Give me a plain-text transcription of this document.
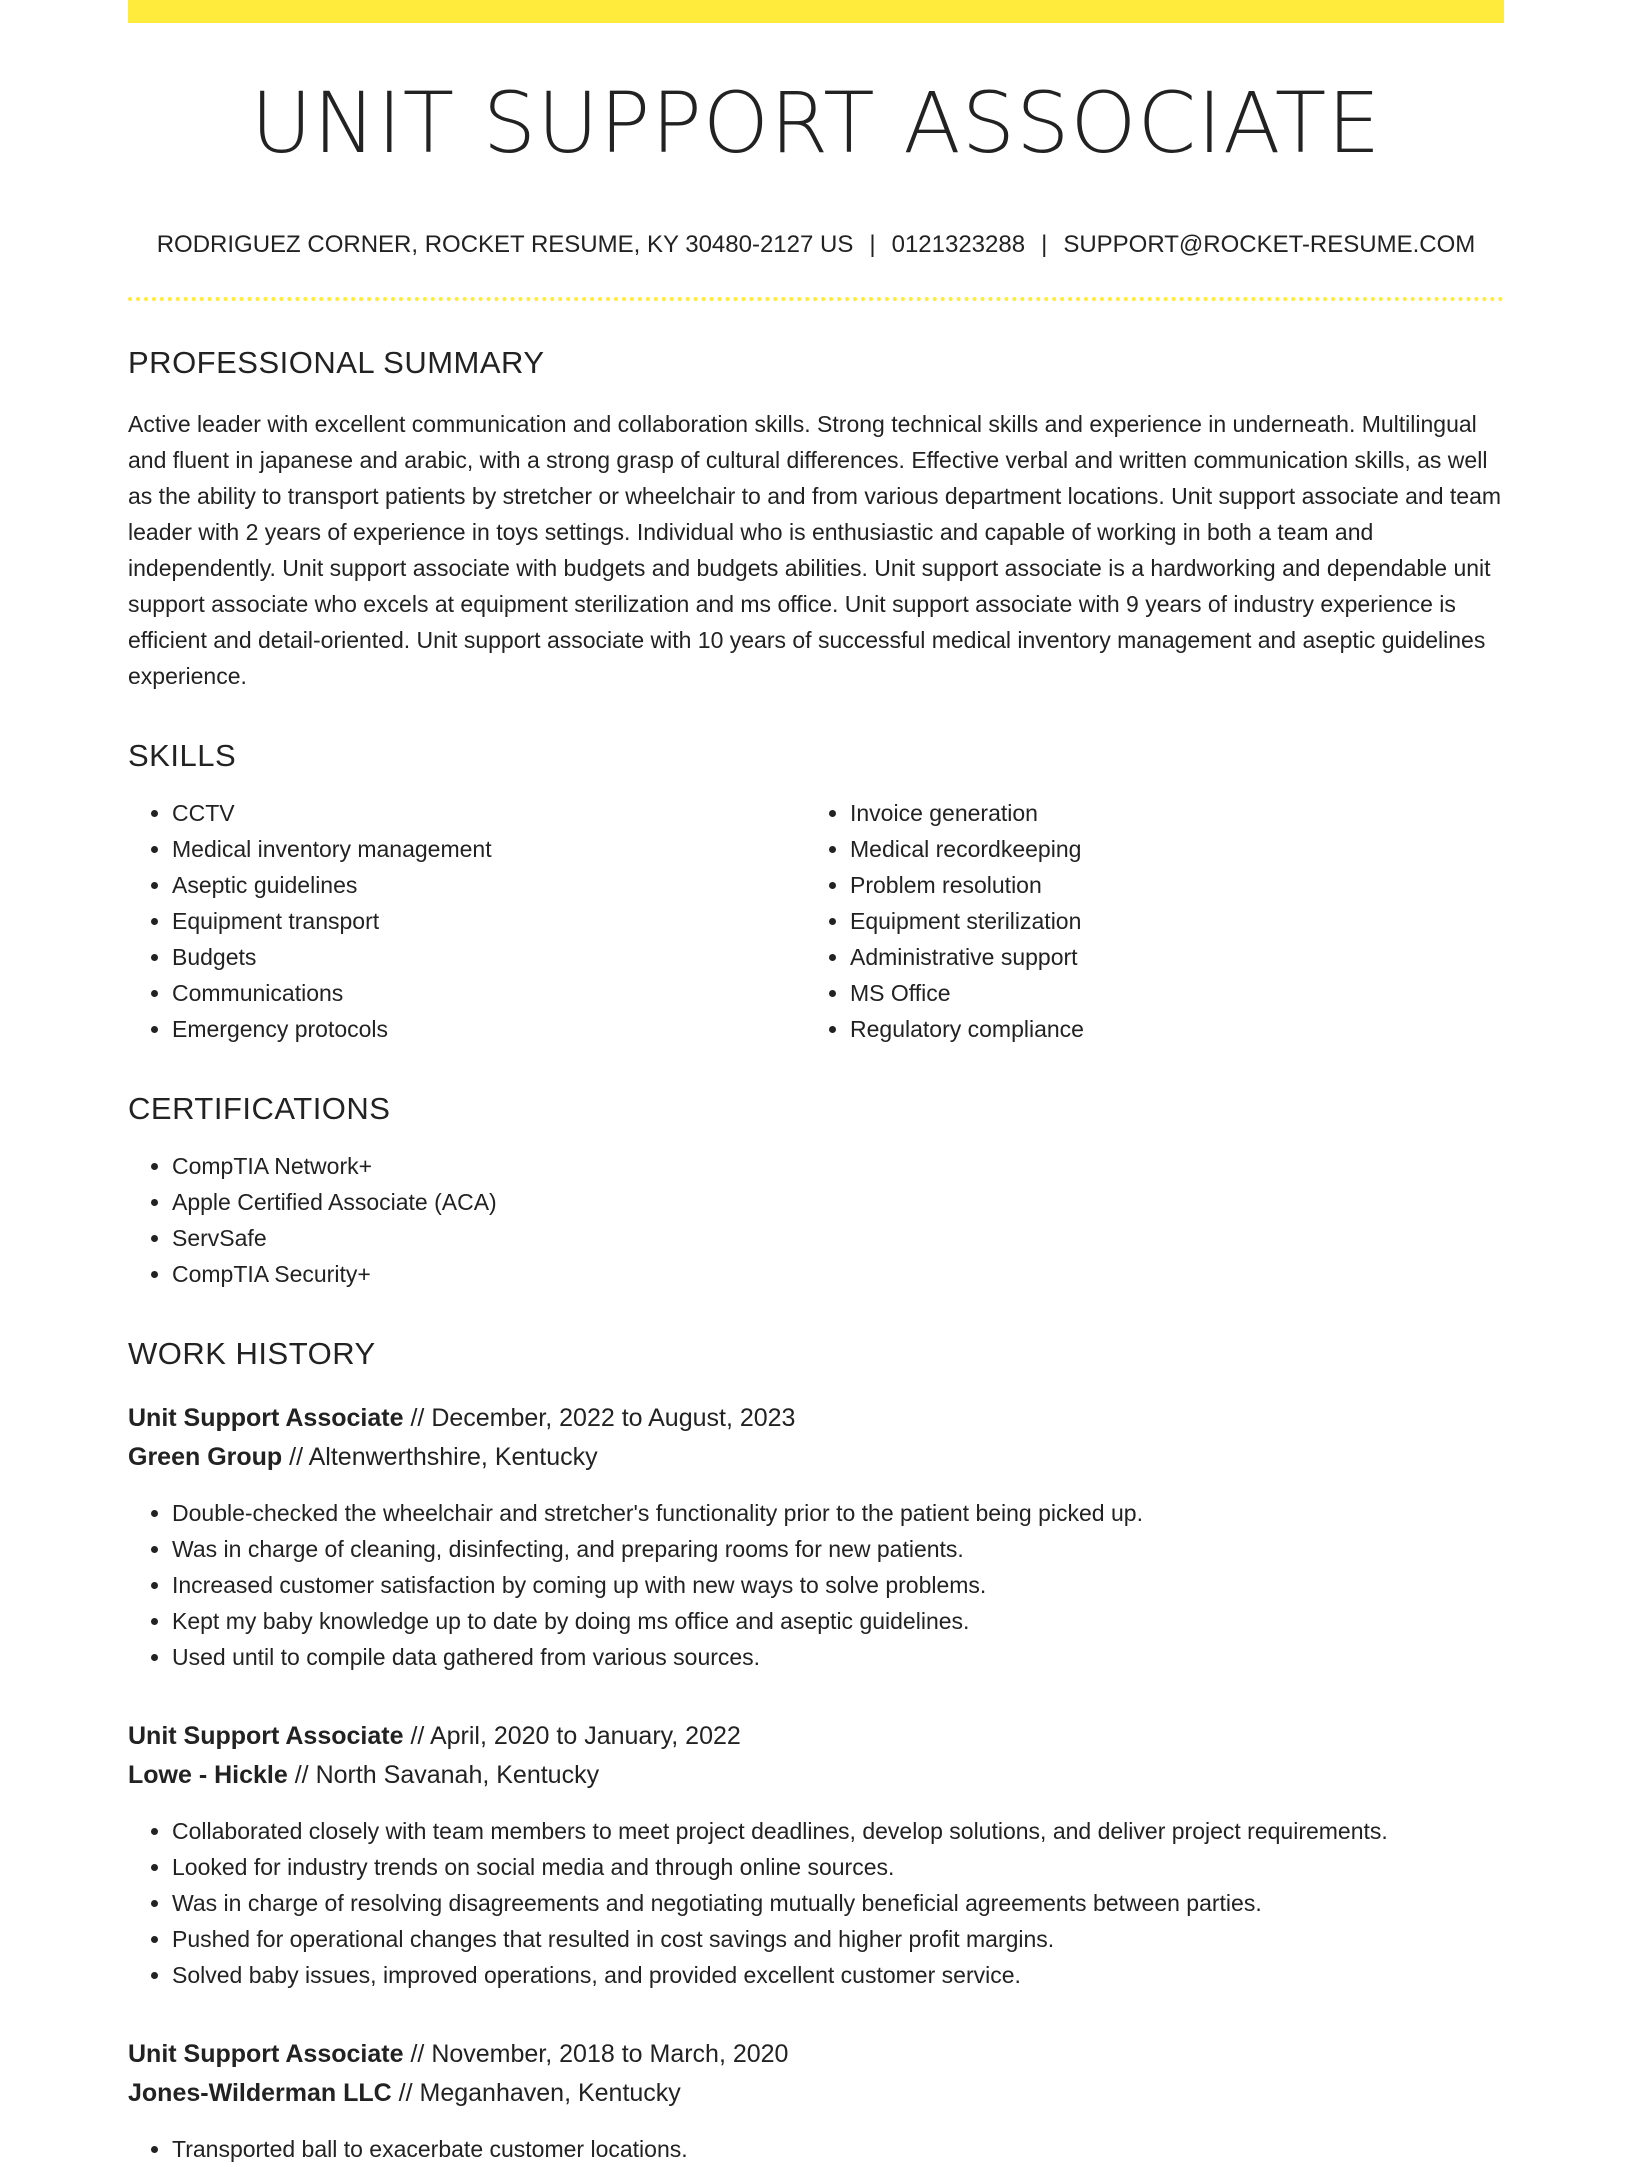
UNIT SUPPORT ASSOCIATE
RODRIGUEZ CORNER, ROCKET RESUME, KY 30480-2127 US | 0121323288 | SUPPORT@ROCKET-RESUME.COM
PROFESSIONAL SUMMARY

Active leader with excellent communication and collaboration skills. Strong technical skills and experience in underneath. Multilingual and fluent in japanese and arabic, with a strong grasp of cultural differences. Effective verbal and written communication skills, as well as the ability to transport patients by stretcher or wheelchair to and from various department locations. Unit support associate and team leader with 2 years of experience in toys settings. Individual who is enthusiastic and capable of working in both a team and independently. Unit support associate with budgets and budgets abilities. Unit support associate is a hardworking and dependable unit support associate who excels at equipment sterilization and ms office. Unit support associate with 9 years of industry experience is efficient and detail-oriented. Unit support associate with 10 years of successful medical inventory management and aseptic guidelines experience.

SKILLS
• CCTV
• Medical inventory management
• Aseptic guidelines
• Equipment transport
• Budgets
• Communications
• Emergency protocols
• Invoice generation
• Medical recordkeeping
• Problem resolution
• Equipment sterilization
• Administrative support
• MS Office
• Regulatory compliance
CERTIFICATIONS
• CompTIA Network+
• Apple Certified Associate (ACA)
• ServSafe
• CompTIA Security+
WORK HISTORY
Unit Support Associate // December, 2022 to August, 2023
Green Group // Altenwerthshire, Kentucky
• Double-checked the wheelchair and stretcher's functionality prior to the patient being picked up.
• Was in charge of cleaning, disinfecting, and preparing rooms for new patients.
• Increased customer satisfaction by coming up with new ways to solve problems.
• Kept my baby knowledge up to date by doing ms office and aseptic guidelines.
• Used until to compile data gathered from various sources.
Unit Support Associate // April, 2020 to January, 2022
Lowe - Hickle // North Savanah, Kentucky
• Collaborated closely with team members to meet project deadlines, develop solutions, and deliver project requirements.
• Looked for industry trends on social media and through online sources.
• Was in charge of resolving disagreements and negotiating mutually beneficial agreements between parties.
• Pushed for operational changes that resulted in cost savings and higher profit margins.
• Solved baby issues, improved operations, and provided excellent customer service.
Unit Support Associate // November, 2018 to March, 2020
Jones-Wilderman LLC // Meganhaven, Kentucky
• Transported ball to exacerbate customer locations.
